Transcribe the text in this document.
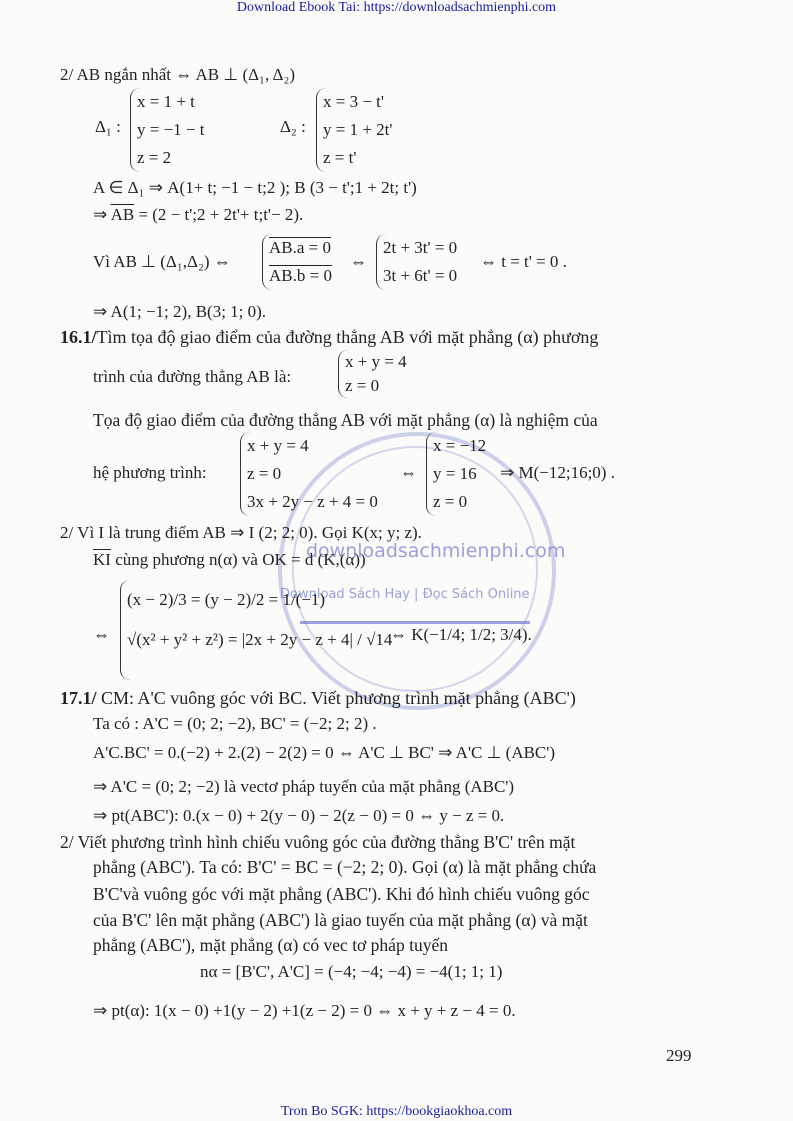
Download Ebook Tai: https://downloadsachmienphi.com
downloadsachmienphi.com
Download Sách Hay | Đọc Sách Online
2/ AB ngắn nhất ⇔ AB ⊥ (Δ₁, Δ₂)
Δ₁ :
x = 1 + t
y = −1 − t
z = 2
Δ₂ :
x = 3 − t'
y = 1 + 2t'
z = t'
A ∈ Δ₁ ⇒ A(1+ t; −1 − t;2 ); B (3 − t';1 + 2t; t')
⇒ $\overline{AB} = (2$ − t';2 + 2t'+ t;t'− 2).
Vì AB ⊥ (Δ₁,Δ₂) ⇔
AB.a = 0
AB.b = 0
⇔
2t + 3t' = 0
3t + 6t' = 0
⇔ t = t' = 0 .
⇒ A(1; −1; 2), B(3; 1; 0).
16.1/Tìm tọa độ giao điểm của đường thẳng AB với mặt phẳng (α) phương
trình của đường thẳng AB là:
x + y = 4
z = 0
Tọa độ giao điểm của đường thẳng AB với mặt phẳng (α) là nghiệm của
hệ phương trình:
x + y = 4
z = 0
3x + 2y − z + 4 = 0
⇔
x = −12
y = 16
z = 0
⇒ M(−12;16;0) .
2/ Vì I là trung điểm AB ⇒ I (2; 2; 0). Gọi K(x; y; z).
$\overline{KI}$ cùng phương n(α) và OK = d (K,(α))
⇔
(x − 2)/3 = (y − 2)/2 = 1/(−1)
√(x² + y² + z²) = |2x + 2y − z + 4| / √14
⇔ K(−1/4; 1/2; 3/4).
17.1/ CM: A'C vuông góc với BC. Viết phương trình mặt phẳng (ABC')
Ta có : A'C = (0; 2; −2), BC' = (−2; 2; 2) .
A'C.BC' = 0.(−2) + 2.(2) − 2(2) = 0 ⇔ A'C ⊥ BC' ⇒ A'C ⊥ (ABC')
⇒ A'C = (0; 2; −2) là vectơ pháp tuyến của mặt phẳng (ABC')
⇒ pt(ABC'): 0.(x − 0) + 2(y − 0) − 2(z − 0) = 0 ⇔ y − z = 0.
2/ Viết phương trình hình chiếu vuông góc của đường thẳng B'C' trên mặt
phẳng (ABC'). Ta có: B'C' = BC = (−2; 2; 0). Gọi (α) là mặt phẳng chứa
B'C'và vuông góc với mặt phẳng (ABC'). Khi đó hình chiếu vuông góc
của B'C' lên mặt phẳng (ABC') là giao tuyến của mặt phẳng (α) và mặt
phẳng (ABC'), mặt phẳng (α) có vec tơ pháp tuyến
nα = [B'C', A'C] = (−4; −4; −4) = −4(1; 1; 1)
⇒ pt(α): 1(x − 0) +1(y − 2) +1(z − 2) = 0 ⇔ x + y + z − 4 = 0.
299
Tron Bo SGK: https://bookgiaokhoa.com
